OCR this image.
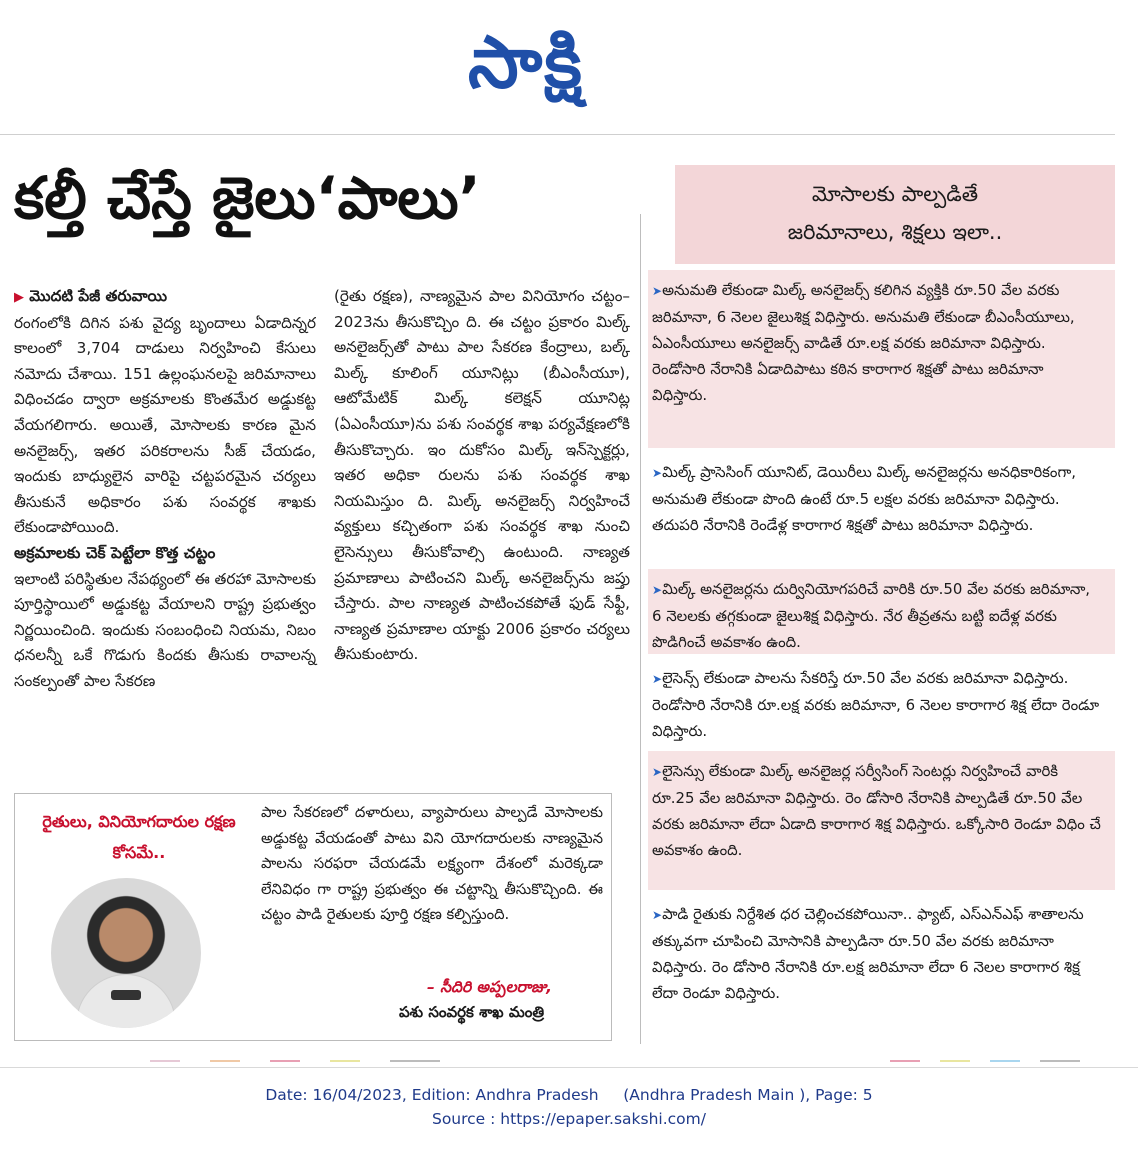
సాక్షి
కల్తీ చేస్తే జైలు‘పాలు’

▶ మొదటి పేజీ తరువాయి

రంగంలోకి దిగిన పశు వైద్య బృందాలు ఏడాదిన్నర కాలంలో 3,704 దాడులు నిర్వహించి కేసులు నమోదు చేశాయి. 151 ఉల్లంఘనలపై జరిమానాలు విధించడం ద్వారా అక్రమాలకు కొంతమేర అడ్డుకట్ట వేయగలిగారు. అయితే, మోసాలకు కారణ మైన అనలైజర్స్, ఇతర పరికరాలను సీజ్ చేయడం, ఇందుకు బాధ్యులైన వారిపై చట్టపరమైన చర్యలు తీసుకునే అధికారం పశు సంవర్థక శాఖకు లేకుండాపోయింది.

అక్రమాలకు చెక్ పెట్టేలా కొత్త చట్టం

ఇలాంటి పరిస్థితుల నేపథ్యంలో ఈ తరహా మోసాలకు పూర్తిస్థాయిలో అడ్డుకట్ట వేయాలని రాష్ట్ర ప్రభుత్వం నిర్ణయించింది. ఇందుకు సంబంధించి నియమ, నిబం ధనలన్నీ ఒకే గొడుగు కిందకు తీసుకు రావాలన్న సంకల్పంతో పాల సేకరణ

(రైతు రక్షణ), నాణ్యమైన పాల వినియోగం చట్టం–2023ను తీసుకొచ్చిం ది. ఈ చట్టం ప్రకారం మిల్క్ అనలైజర్స్‌తో పాటు పాల సేకరణ కేంద్రాలు, బల్క్ మిల్క్ కూలింగ్ యూనిట్లు (బీఎంసీయూ), ఆటోమేటిక్ మిల్క్ కలెక్షన్ యూనిట్ల (ఏఎంసీయూ)ను పశు సంవర్థక శాఖ పర్యవేక్షణలోకి తీసుకొచ్చారు. ఇం దుకోసం మిల్క్ ఇన్‌స్పెక్టర్లు, ఇతర అధికా రులను పశు సంవర్థక శాఖ నియమిస్తుం ది. మిల్క్ అనలైజర్స్ నిర్వహించే వ్యక్తులు కచ్చితంగా పశు సంవర్థక శాఖ నుంచి లైసెన్సులు తీసుకోవాల్సి ఉంటుంది. నాణ్యత ప్రమాణాలు పాటించని మిల్క్ అనలైజర్స్‌ను జప్తు చేస్తారు. పాల నాణ్యత పాటించకపోతే ఫుడ్ సేఫ్టీ, నాణ్యత ప్రమాణాల యాక్టు 2006 ప్రకారం చర్యలు తీసుకుంటారు.

రైతులు, వినియోగదారుల రక్షణ కోసమే..
పాల సేకరణలో దళారులు, వ్యాపారులు పాల్పడే మోసాలకు అడ్డుకట్ట వేయడంతో పాటు విని యోగదారులకు నాణ్యమైన పాలను సరఫరా చేయడమే లక్ష్యంగా దేశంలో మరెక్కడా లేనివిధం గా రాష్ట్ర ప్రభుత్వం ఈ చట్టాన్ని తీసుకొచ్చింది. ఈ చట్టం పాడి రైతులకు పూర్తి రక్షణ కల్పిస్తుంది.
– సీదిరి అప్పలరాజు,
పశు సంవర్థక శాఖ మంత్రి
మోసాలకు పాల్పడితే
జరిమానాలు, శిక్షలు ఇలా..
➤అనుమతి లేకుండా మిల్క్ అనలైజర్స్ కలిగిన వ్యక్తికి రూ.50 వేల వరకు జరిమానా, 6 నెలల జైలుశిక్ష విధిస్తారు. అనుమతి లేకుండా బీఎంసీయూలు, ఏఎంసీయూలు అనలైజర్స్ వాడితే రూ.లక్ష వరకు జరిమానా విధిస్తారు. రెండోసారి నేరానికి ఏడాదిపాటు కఠిన కారాగార శిక్షతో పాటు జరిమానా విధిస్తారు.
➤మిల్క్ ప్రాసెసింగ్ యూనిట్, డెయిరీలు మిల్క్ అనలైజర్లను అనధికారికంగా, అనుమతి లేకుండా పొంది ఉంటే రూ.5 లక్షల వరకు జరిమానా విధిస్తారు. తదుపరి నేరానికి రెండేళ్ల కారాగార శిక్షతో పాటు జరిమానా విధిస్తారు.
➤మిల్క్ అనలైజర్లను దుర్వినియోగపరిచే వారికి రూ.50 వేల వరకు జరిమానా, 6 నెలలకు తగ్గకుండా జైలుశిక్ష విధిస్తారు. నేర తీవ్రతను బట్టి ఐదేళ్ల వరకు పొడిగించే అవకాశం ఉంది.
➤లైసెన్స్ లేకుండా పాలను సేకరిస్తే రూ.50 వేల వరకు జరిమానా విధిస్తారు. రెండోసారి నేరానికి రూ.లక్ష వరకు జరిమానా, 6 నెలల కారాగార శిక్ష లేదా రెండూ విధిస్తారు.
➤లైసెన్సు లేకుండా మిల్క్ అనలైజర్ల సర్వీసింగ్ సెంటర్లు నిర్వహించే వారికి రూ.25 వేల జరిమానా విధిస్తారు. రెం డోసారి నేరానికి పాల్పడితే రూ.50 వేల వరకు జరిమానా లేదా ఏడాది కారాగార శిక్ష విధిస్తారు. ఒక్కోసారి రెండూ విధిం చే అవకాశం ఉంది.
➤పాడి రైతుకు నిర్దేశిత ధర చెల్లించకపోయినా.. ఫ్యాట్, ఎస్‌ఎన్‌ఎఫ్ శాతాలను తక్కువగా చూపించి మోసానికి పాల్పడినా రూ.50 వేల వరకు జరిమానా విధిస్తారు. రెం డోసారి నేరానికి రూ.లక్ష జరిమానా లేదా 6 నెలల కారాగార శిక్ష లేదా రెండూ విధిస్తారు.
Date: 16/04/2023, Edition: Andhra Pradesh     (Andhra Pradesh Main ), Page: 5
Source : https://epaper.sakshi.com/
